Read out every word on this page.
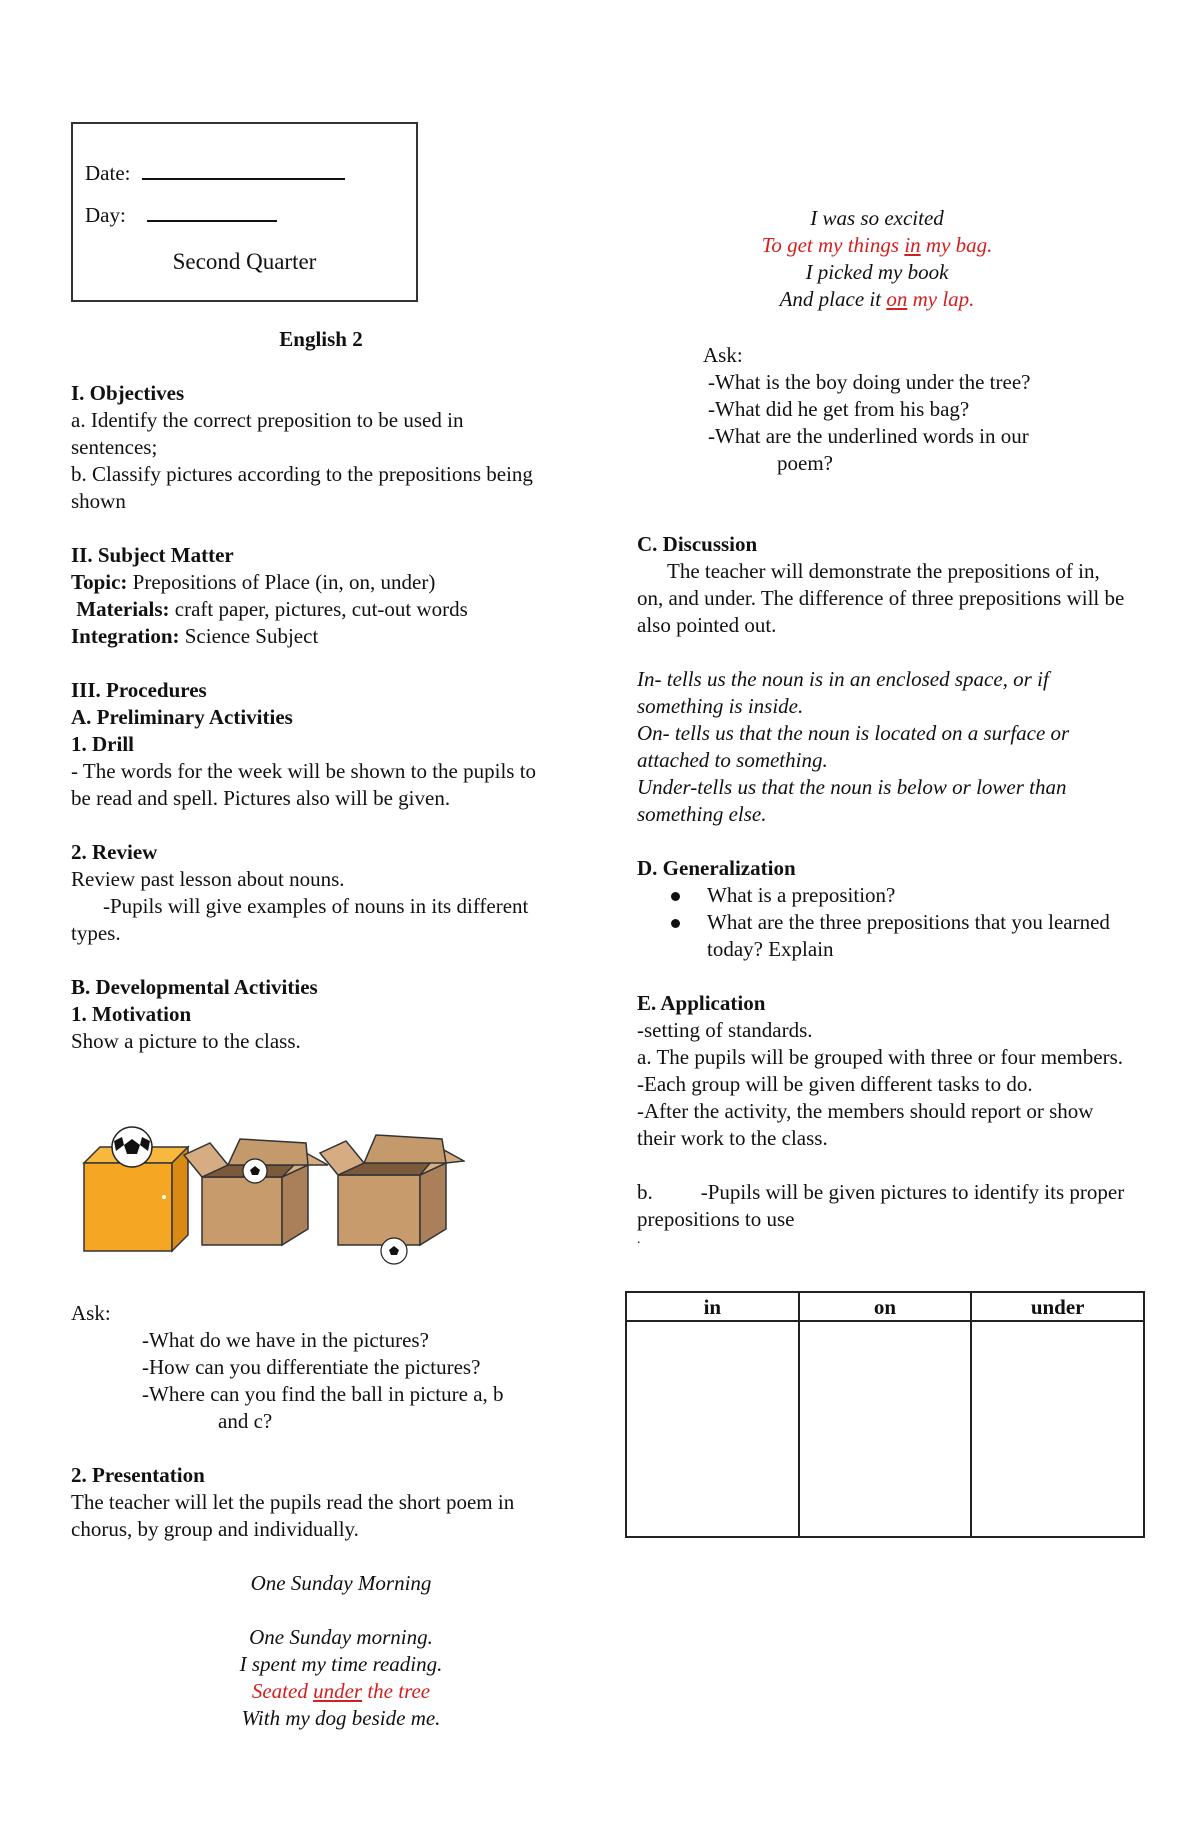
Date:
Day:
Second Quarter

English 2

I. Objectives

a. Identify the correct preposition to be used in sentences;

b. Classify pictures according to the prepositions being shown

II. Subject Matter

Topic: Prepositions of Place (in, on, under)

Materials: craft paper, pictures, cut-out words

Integration: Science Subject

III. Procedures

A. Preliminary Activities

1. Drill

- The words for the week will be shown to the pupils to be read and spell. Pictures also will be given.

2. Review

Review past lesson about nouns.

-Pupils will give examples of nouns in its different types.

B. Developmental Activities

1. Motivation

Show a picture to the class.

Ask:

-What do we have in the pictures?

-How can you differentiate the pictures?

-Where can you find the ball in picture a, b

and c?

2. Presentation

The teacher will let the pupils read the short poem in chorus, by group and individually.

One Sunday Morning

One Sunday morning.

I spent my time reading.

Seated under the tree

With my dog beside me.

I was so excited

To get my things in my bag.

I picked my book

And place it on my lap.

Ask:

-What is the boy doing under the tree?

-What did he get from his bag?

-What are the underlined words in our

poem?

C. Discussion

The teacher will demonstrate the prepositions of in, on, and under. The difference of three prepositions will be also pointed out.

In- tells us the noun is in an enclosed space, or if something is inside.

On- tells us that the noun is located on a surface or attached to something.

Under-tells us that the noun is below or lower than something else.

D. Generalization

What is a preposition?
What are the three prepositions that you learned today? Explain

E. Application

-setting of standards.

a. The pupils will be grouped with three or four members.

-Each group will be given different tasks to do.

-After the activity, the members should report or show their work to the class.

b. -Pupils will be given pictures to identify its proper prepositions to use

.

in	on	under
